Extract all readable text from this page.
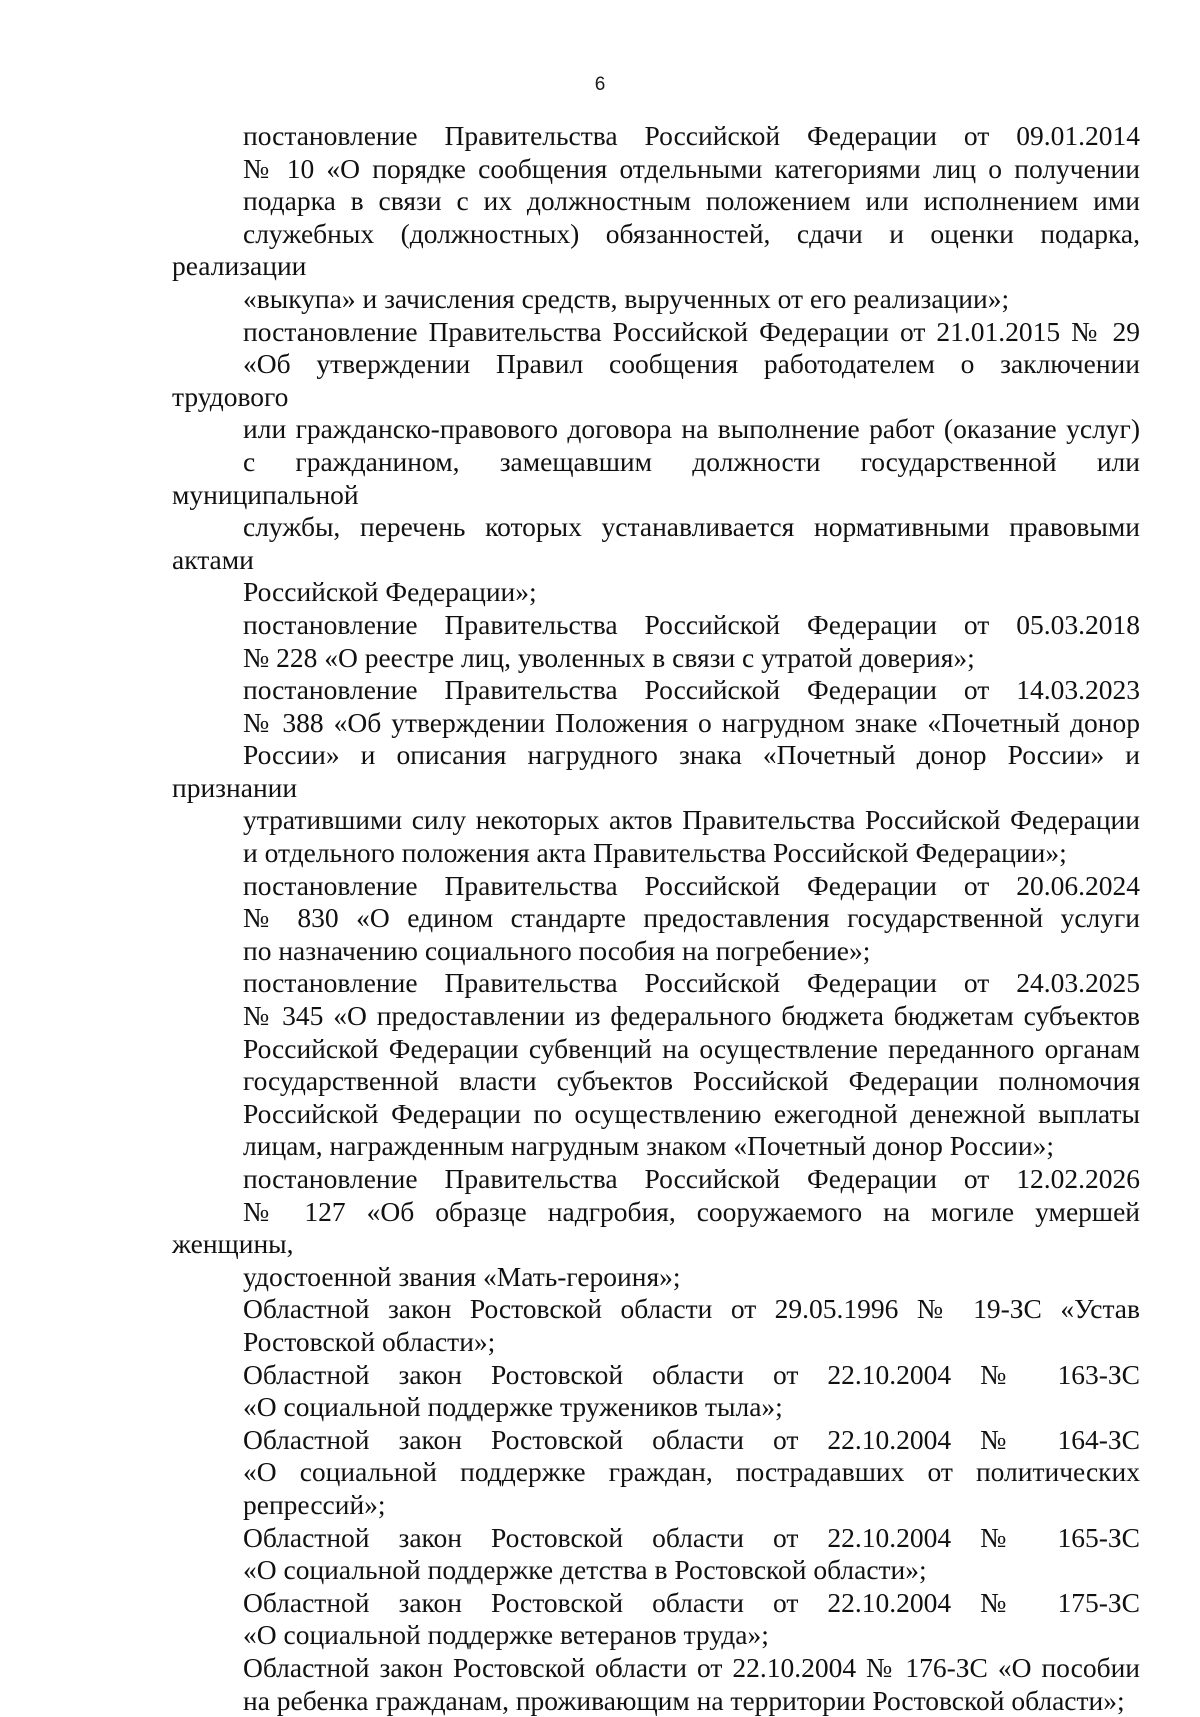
6
постановление Правительства Российской Федерации от 09.01.2014
№ 10 «О порядке сообщения отдельными категориями лиц о получении
подарка в связи с их должностным положением или исполнением ими
служебных (должностных) обязанностей, сдачи и оценки подарка, реализации
«выкупа» и зачисления средств, вырученных от его реализации»;
постановление Правительства Российской Федерации от 21.01.2015 № 29
«Об утверждении Правил сообщения работодателем о заключении трудового
или гражданско-правового договора на выполнение работ (оказание услуг)
с гражданином, замещавшим должности государственной или муниципальной
службы, перечень которых устанавливается нормативными правовыми актами
Российской Федерации»;
постановление Правительства Российской Федерации от 05.03.2018
№ 228 «О реестре лиц, уволенных в связи с утратой доверия»;
постановление Правительства Российской Федерации от 14.03.2023
№ 388 «Об утверждении Положения о нагрудном знаке «Почетный донор
России» и описания нагрудного знака «Почетный донор России» и признании
утратившими силу некоторых актов Правительства Российской Федерации
и отдельного положения акта Правительства Российской Федерации»;
постановление Правительства Российской Федерации от 20.06.2024
№ 830 «О едином стандарте предоставления государственной услуги
по назначению социального пособия на погребение»;
постановление Правительства Российской Федерации от 24.03.2025
№ 345 «О предоставлении из федерального бюджета бюджетам субъектов
Российской Федерации субвенций на осуществление переданного органам
государственной власти субъектов Российской Федерации полномочия
Российской Федерации по осуществлению ежегодной денежной выплаты
лицам, награжденным нагрудным знаком «Почетный донор России»;
постановление Правительства Российской Федерации от 12.02.2026
№ 127 «Об образце надгробия, сооружаемого на могиле умершей женщины,
удостоенной звания «Мать-героиня»;
Областной закон Ростовской области от 29.05.1996 № 19-ЗС «Устав
Ростовской области»;
Областной закон Ростовской области от 22.10.2004 № 163-ЗС
«О социальной поддержке тружеников тыла»;
Областной закон Ростовской области от 22.10.2004 № 164-ЗС
«О социальной поддержке граждан, пострадавших от политических
репрессий»;
Областной закон Ростовской области от 22.10.2004 № 165-ЗС
«О социальной поддержке детства в Ростовской области»;
Областной закон Ростовской области от 22.10.2004 № 175-ЗС
«О социальной поддержке ветеранов труда»;
Областной закон Ростовской области от 22.10.2004 № 176-ЗС «О пособии
на ребенка гражданам, проживающим на территории Ростовской области»;
